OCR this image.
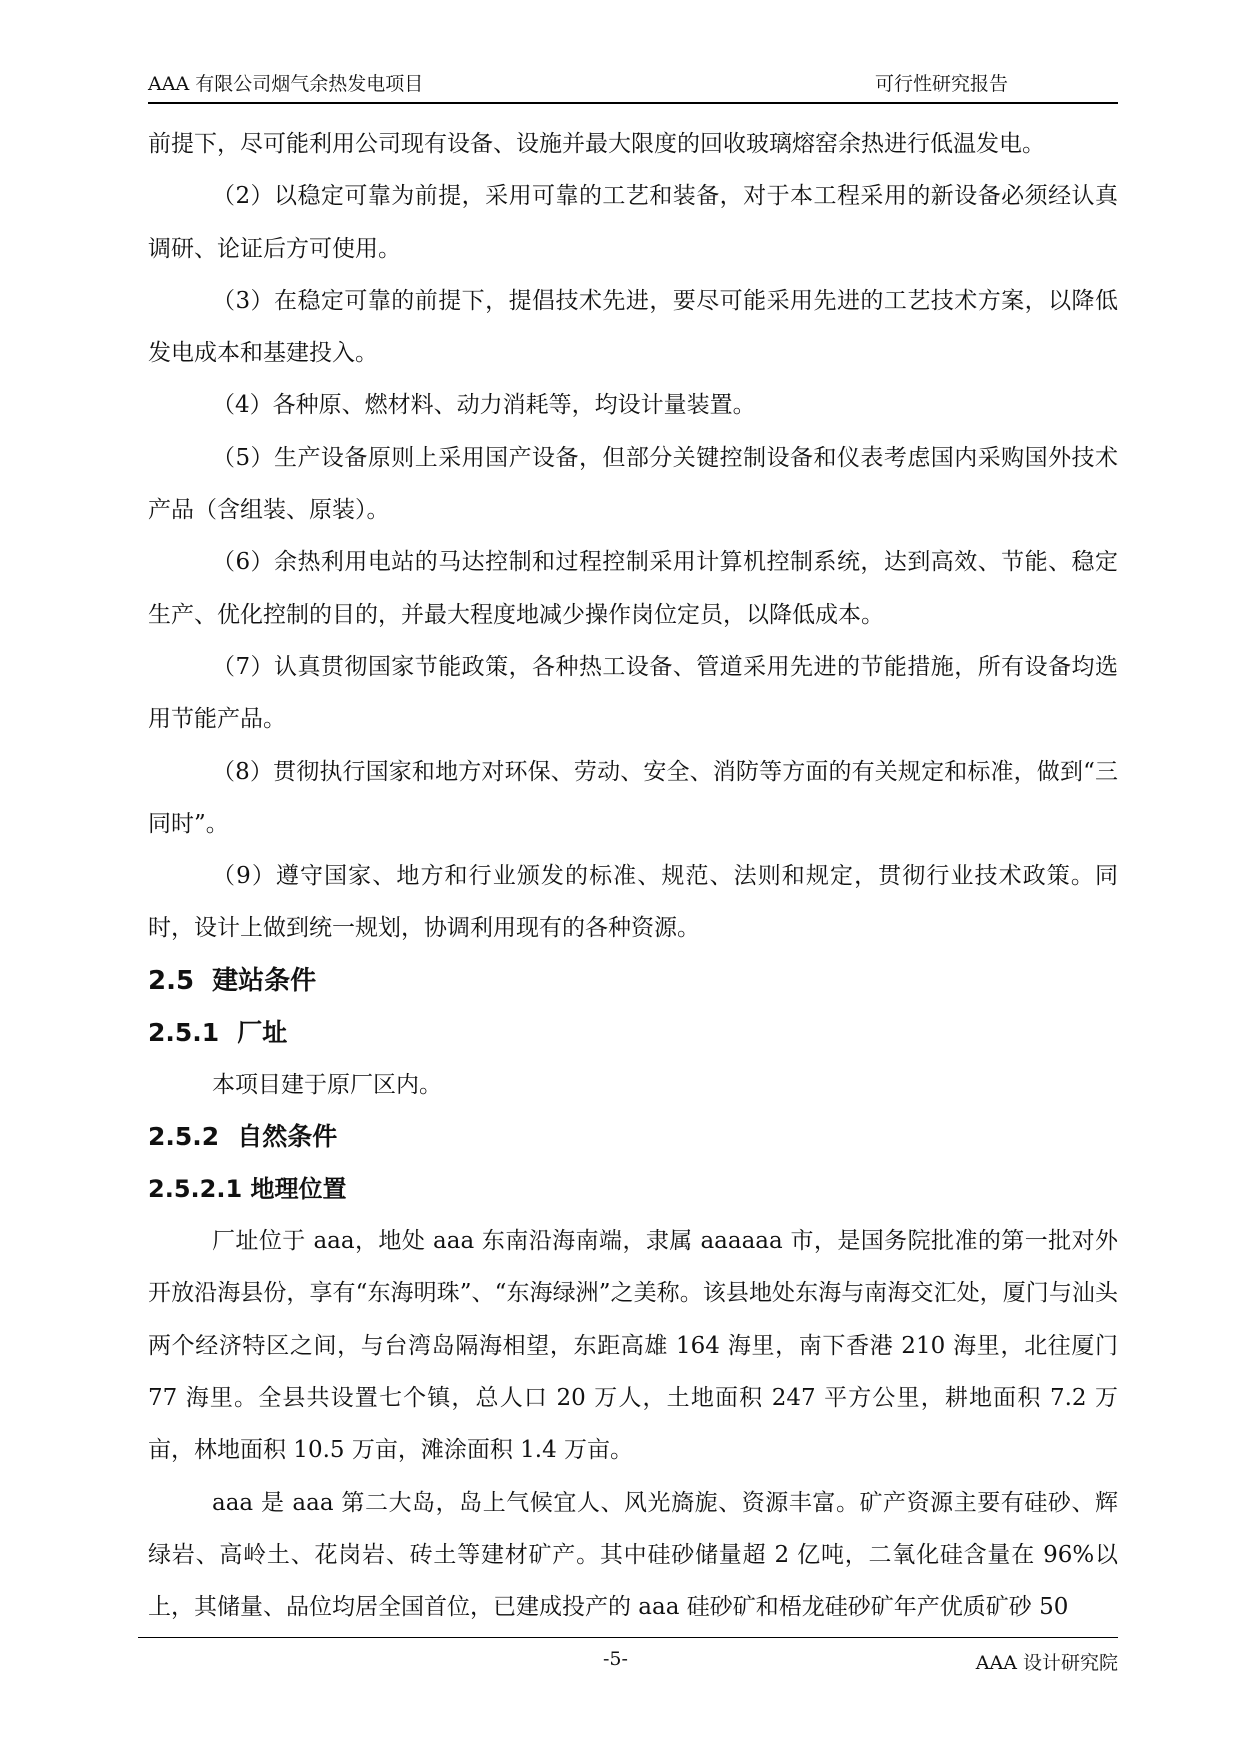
AAA 有限公司烟气余热发电项目	可行性研究报告

前提下，尽可能利用公司现有设备、设施并最大限度的回收玻璃熔窑余热进行低温发电。

（2）以稳定可靠为前提，采用可靠的工艺和装备，对于本工程采用的新设备必须经认真调研、论证后方可使用。

（3）在稳定可靠的前提下，提倡技术先进，要尽可能采用先进的工艺技术方案，以降低发电成本和基建投入。

（4）各种原、燃材料、动力消耗等，均设计量装置。

（5）生产设备原则上采用国产设备，但部分关键控制设备和仪表考虑国内采购国外技术产品（含组装、原装）。

（6）余热利用电站的马达控制和过程控制采用计算机控制系统，达到高效、节能、稳定生产、优化控制的目的，并最大程度地减少操作岗位定员，以降低成本。

（7）认真贯彻国家节能政策，各种热工设备、管道采用先进的节能措施，所有设备均选用节能产品。

（8）贯彻执行国家和地方对环保、劳动、安全、消防等方面的有关规定和标准，做到“三同时”。

（9）遵守国家、地方和行业颁发的标准、规范、法则和规定，贯彻行业技术政策。同时，设计上做到统一规划，协调利用现有的各种资源。

2.5 建站条件
2.5.1 厂址

本项目建于原厂区内。

2.5.2 自然条件
2.5.2.1 地理位置

厂址位于 aaa，地处 aaa 东南沿海南端，隶属 aaaaaa 市，是国务院批准的第一批对外开放沿海县份，享有“东海明珠”、“东海绿洲”之美称。该县地处东海与南海交汇处，厦门与汕头两个经济特区之间，与台湾岛隔海相望，东距高雄 164 海里，南下香港 210 海里，北往厦门 77 海里。全县共设置七个镇，总人口 20 万人，土地面积 247 平方公里，耕地面积 7.2 万亩，林地面积 10.5 万亩，滩涂面积 1.4 万亩。

aaa 是 aaa 第二大岛，岛上气候宜人、风光旖旎、资源丰富。矿产资源主要有硅砂、辉绿岩、高岭土、花岗岩、砖土等建材矿产。其中硅砂储量超 2 亿吨，二氧化硅含量在 96%以上，其储量、品位均居全国首位，已建成投产的 aaa 硅砂矿和梧龙硅砂矿年产优质矿砂 50

-5-	AAA 设计研究院
